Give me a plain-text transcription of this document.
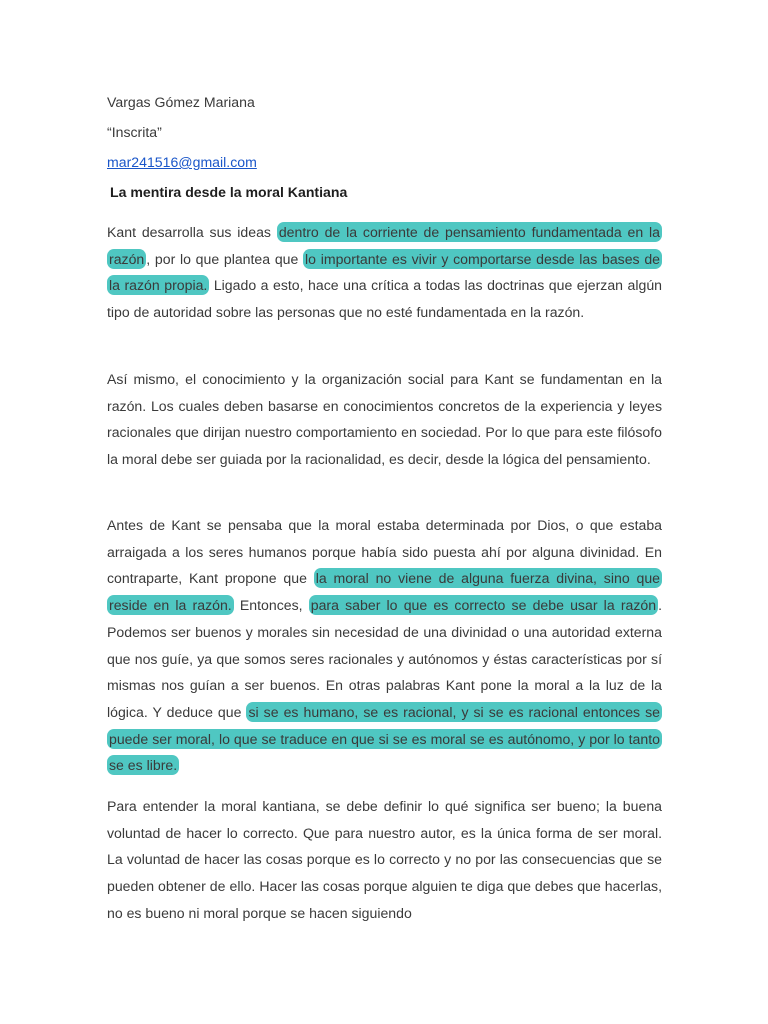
Vargas Gómez Mariana
“Inscrita”
mar241516@gmail.com
La mentira desde la moral Kantiana

Kant desarrolla sus ideas dentro de la corriente de pensamiento fundamentada en la razón , por lo que plantea que lo importante es vivir y comportarse desde las bases de la razón propia. Ligado a esto, hace una crítica a todas las doctrinas que ejerzan algún tipo de autoridad sobre las personas que no esté fundamentada en la razón.

Así mismo, el conocimiento y la organización social para Kant se fundamentan en la razón. Los cuales deben basarse en conocimientos concretos de la experiencia y leyes racionales que dirijan nuestro comportamiento en sociedad. Por lo que para este filósofo la moral debe ser guiada por la racionalidad, es decir, desde la lógica del pensamiento.

Antes de Kant se pensaba que la moral estaba determinada por Dios, o que estaba arraigada a los seres humanos porque había sido puesta ahí por alguna divinidad. En contraparte, Kant propone que la moral no viene de alguna fuerza divina, sino que reside en la razón. Entonces, para saber lo que es correcto se debe usar la razón . Podemos ser buenos y morales sin necesidad de una divinidad o una autoridad externa que nos guíe, ya que somos seres racionales y autónomos y éstas características por sí mismas nos guían a ser buenos. En otras palabras Kant pone la moral a la luz de la lógica. Y deduce que si se es humano, se es racional, y si se es racional entonces se puede ser moral, lo que se traduce en que si se es moral se es autónomo, y por lo tanto se es libre.

Para entender la moral kantiana, se debe definir lo qué significa ser bueno; la buena voluntad de hacer lo correcto. Que para nuestro autor, es la única forma de ser moral. La voluntad de hacer las cosas porque es lo correcto y no por las consecuencias que se pueden obtener de ello. Hacer las cosas porque alguien te diga que debes que hacerlas, no es bueno ni moral porque se hacen siguiendo
